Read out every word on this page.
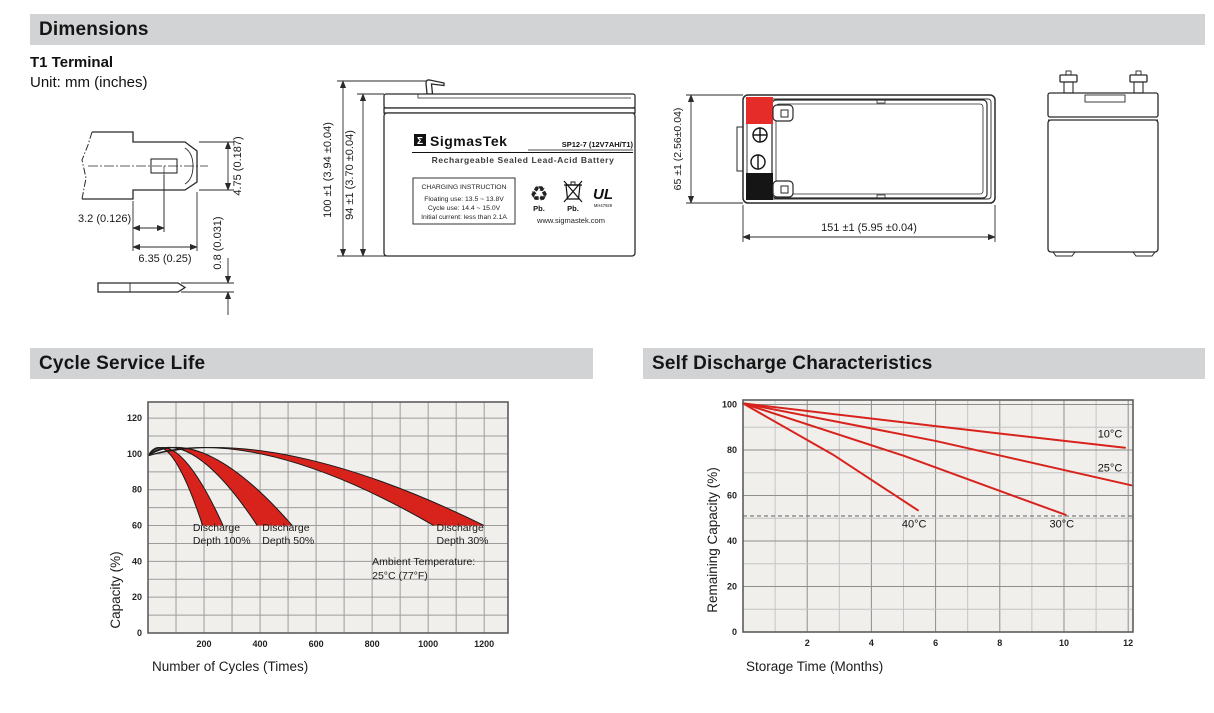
Dimensions
T1 Terminal
Unit: mm (inches)
4.75 (0.187)
3.2 (0.126)
6.35 (0.25) 0.8 (0.031)
100 ±1 (3.94 ±0.04) 94 ±1 (3.70 ±0.04)	Σ SigmasTek	SP12-7 (12V7AH/T1)
Rechargeable Sealed Lead-Acid Battery
CHARGING INSTRUCTION
Floating use: 13.5 ~ 13.8V
Cycle use: 14.4 ~ 15.0V
Initial current: less than 2.1A
♻
Pb.	Pb.
UL
MH47929
www.sigmastek.com
65 ±1 (2.56±0.04)
151 ±1 (5.95 ±0.04)
Cycle Service Life	Self Discharge Characteristics
0
20
40
60
80
100
120
200	400	600	800	1000	1200
Discharge
Depth 100%
Discharge
Depth 50%
Discharge
Depth 30%
Ambient Temperature:
25°C (77°F)
Capacity (%)
Number of Cycles (Times)
10°C
25°C
30°C
40°C
0
20
40
60
80
100
2	4	6	8	10	12
Remaining Capacity (%)
Storage Time (Months)
